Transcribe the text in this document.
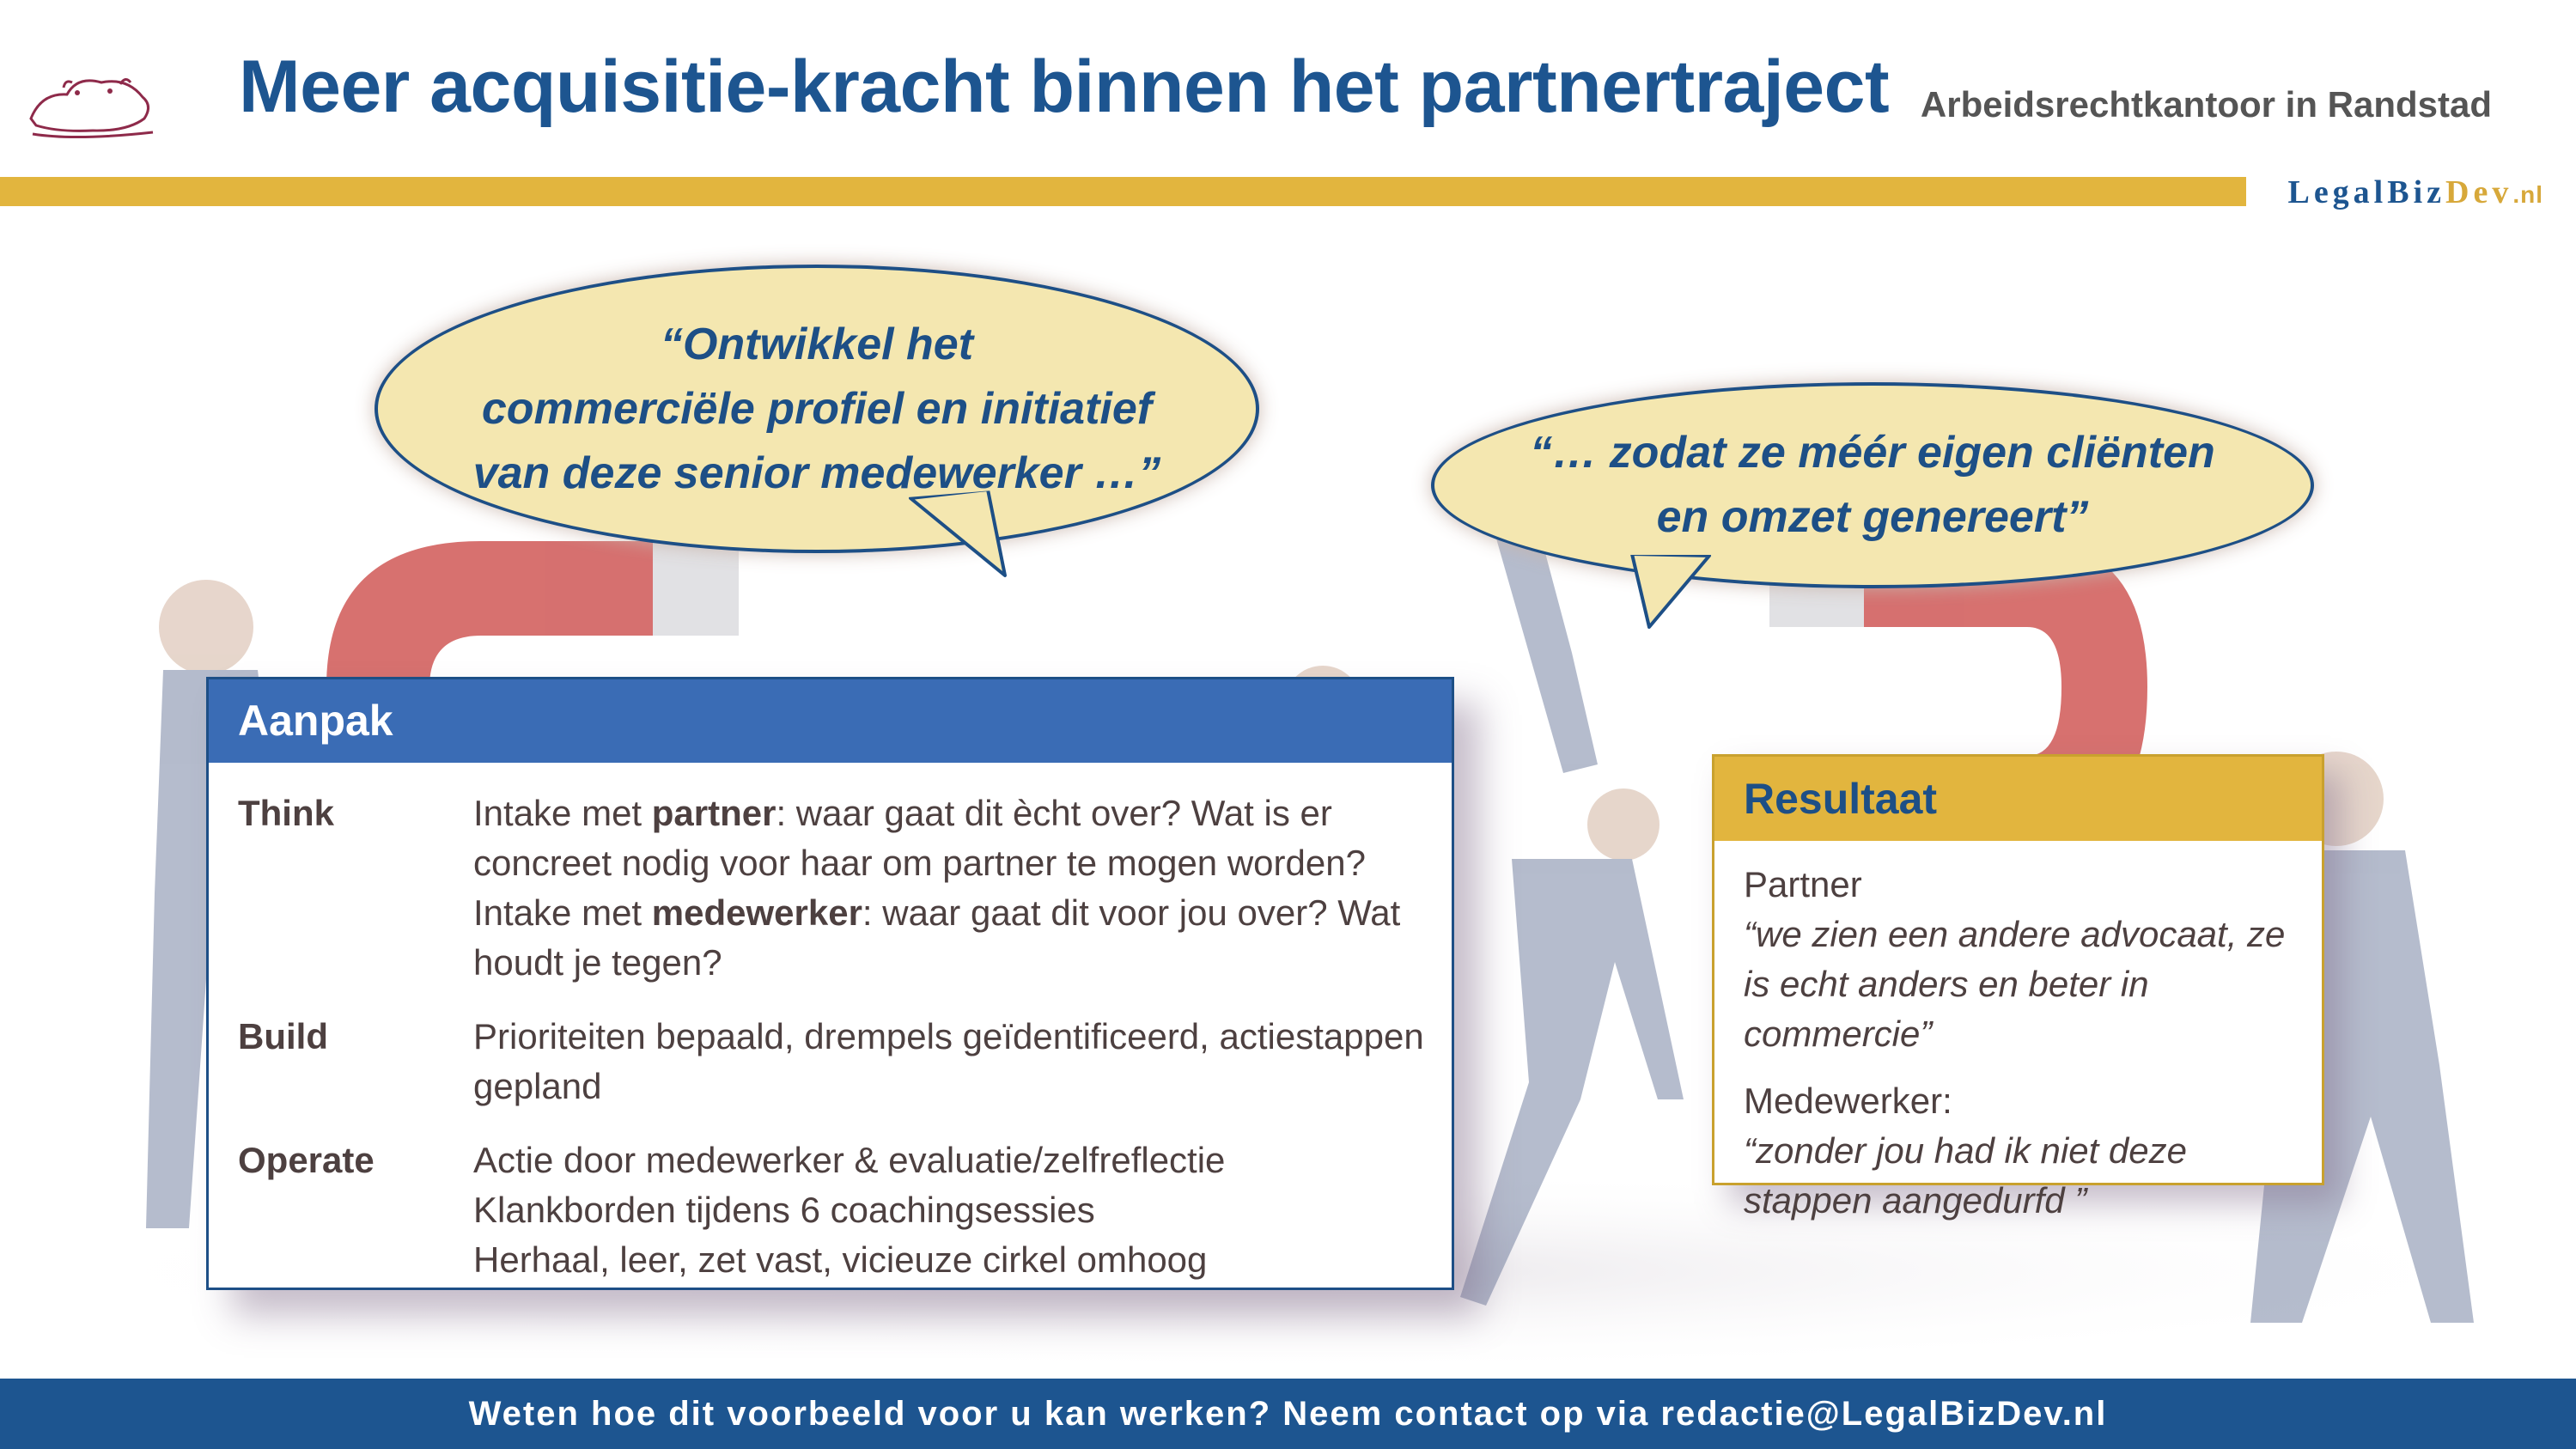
Meer acquisitie-kracht binnen het partnertraject Arbeidsrechtkantoor in Randstad
LegalBizDev.nl
“Ontwikkel het
commerciële profiel en initiatief
van deze senior medewerker …”	“… zodat ze méér eigen cliënten
en omzet genereert”
Aanpak
Think	Intake met partner: waar gaat dit ècht over? Wat is er concreet nodig voor haar om partner te mogen worden?
Intake met medewerker: waar gaat dit voor jou over? Wat houdt je tegen?
Build	Prioriteiten bepaald, drempels geïdentificeerd, actiestappen gepland
Operate	Actie door medewerker & evaluatie/zelfreflectie
Klankborden tijdens 6 coachingsessies
Herhaal, leer, zet vast, vicieuze cirkel omhoog
Resultaat
Partner
“we zien een andere advocaat, ze is echt anders en beter in commercie”
Medewerker:
“zonder jou had ik niet deze stappen aangedurfd ”
Weten hoe dit voorbeeld voor u kan werken? Neem contact op via redactie@LegalBizDev.nl
